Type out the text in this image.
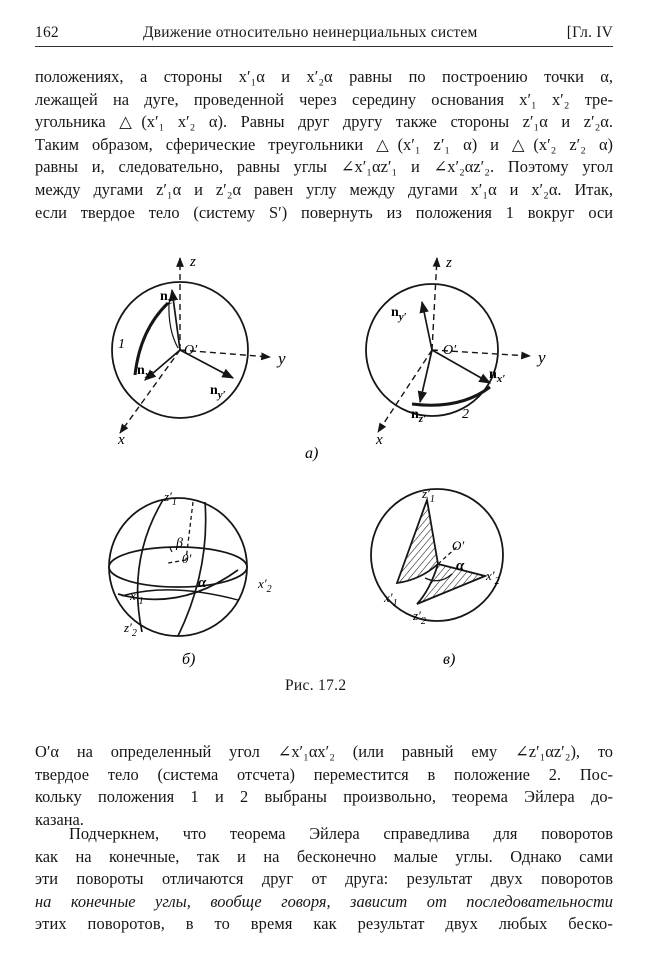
162	Движение относительно неинерциальных систем	[Гл. IV
положениях, а стороны x′₁α и x′₂α равны по построению точки α,
лежащей на дуге, проведенной через середину основания x′₁ x′₂ тре-
угольника △(x′₁ x′₂ α). Равны друг другу также стороны z′₁α и z′₂α.
Таким образом, сферические треугольники △(x′₁ z′₁ α) и △(x′₂ z′₂ α)
равны и, следовательно, равны углы ∠x′₁αz′₁ и ∠x′₂αz′₂. Поэтому угол
между дугами z′₁α и z′₂α равен углу между дугами x′₁α и x′₂α. Итак,
если твердое тело (систему S′) повернуть из положения 1 вокруг оси
z
y
x
O′
$n_{z'}$
$n_{x'}$
$n_{y'}$
1
z
y
x
O′
$n_{y'}$
$n_{x'}$
$n_{z'}$	2
а)
$z'_1$
β
0′
α
$x'_1$
$x'_2$
$z'_2$
б)
$z'_1$
O′
α
$x'_2$
$x'_1$
$z'_2$
в)
Рис. 17.2
O′α на определенный угол ∠x′₁αx′₂ (или равный ему ∠z′₁αz′₂), то
твердое тело (система отсчета) переместится в положение 2. Пос-
кольку положения 1 и 2 выбраны произвольно, теорема Эйлера до-
казана.
Подчеркнем, что теорема Эйлера справедлива для поворотов
как на конечные, так и на бесконечно малые углы. Однако сами
эти повороты отличаются друг от друга: результат двух поворотов
на конечные углы, вообще говоря, зависит от последовательности
этих поворотов, в то время как результат двух любых беско-
